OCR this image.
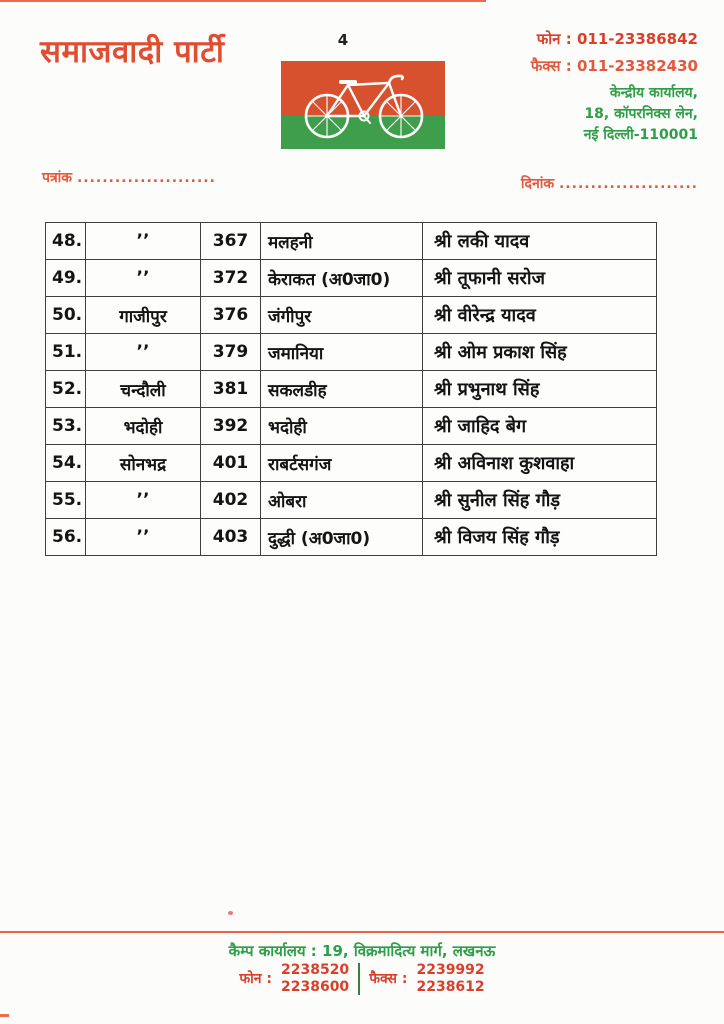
समाजवादी पार्टी	4	फोन : 011-23386842
फैक्स : 011-23382430
केन्द्रीय कार्यालय,
18, कॉपरनिक्स लेन,
नई दिल्ली-110001
पत्रांक ......................	दिनांक ......................
48.	’’	367	मलहनी	श्री लकी यादव
49.	’’	372	केराकत (अ0जा0)	श्री तूफानी सरोज
50.	गाजीपुर	376	जंगीपुर	श्री वीरेन्द्र यादव
51.	’’	379	जमानिया	श्री ओम प्रकाश सिंह
52.	चन्दौली	381	सकलडीह	श्री प्रभुनाथ सिंह
53.	भदोही	392	भदोही	श्री जाहिद बेग
54.	सोनभद्र	401	राबर्टसगंज	श्री अविनाश कुशवाहा
55.	’’	402	ओबरा	श्री सुनील सिंह गौड़
56.	’’	403	दुद्धी (अ0जा0)	श्री विजय सिंह गौड़
कैम्प कार्यालय : 19, विक्रमादित्य मार्ग, लखनऊ
फोन :
2238520
2238600 फैक्स :
2239992
2238612
